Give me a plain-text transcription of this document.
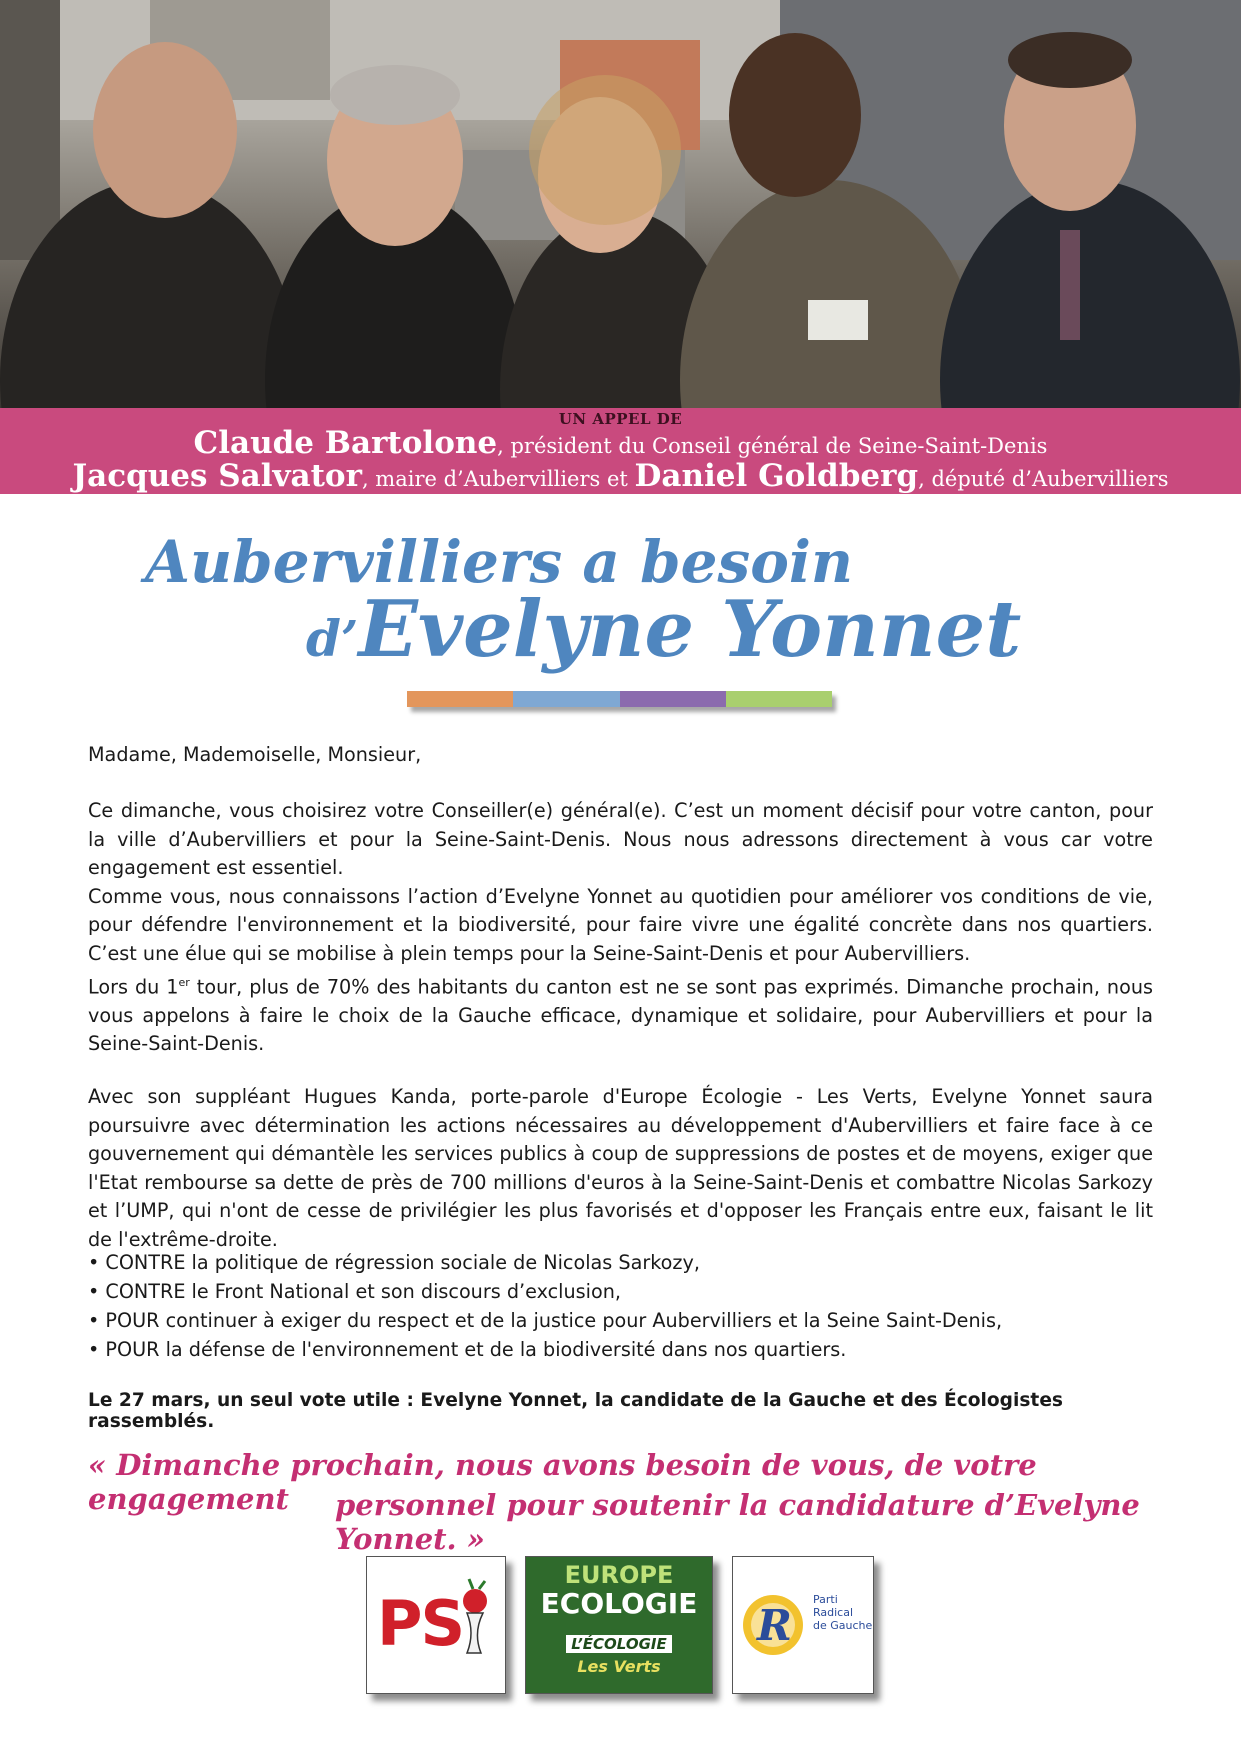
UN APPEL DE
Claude Bartolone, président du Conseil général de Seine-Saint-Denis
Jacques Salvator, maire d’Aubervilliers et Daniel Goldberg, député d’Aubervilliers
Aubervilliers a besoin
d’Evelyne Yonnet
Madame, Mademoiselle, Monsieur,

Ce dimanche, vous choisirez votre Conseiller(e) général(e). C’est un moment décisif pour votre canton, pour la ville d’Aubervilliers et pour la Seine-Saint-Denis. Nous nous adressons directement à vous car votre engagement est essentiel.

Comme vous, nous connaissons l’action d’Evelyne Yonnet au quotidien pour améliorer vos conditions de vie, pour défendre l'environnement et la biodiversité, pour faire vivre une égalité concrète dans nos quartiers. C’est une élue qui se mobilise à plein temps pour la Seine-Saint-Denis et pour Aubervilliers.

Lors du 1er tour, plus de 70% des habitants du canton est ne se sont pas exprimés. Dimanche prochain, nous vous appelons à faire le choix de la Gauche efficace, dynamique et solidaire, pour Aubervilliers et pour la Seine-Saint-Denis.

Avec son suppléant Hugues Kanda, porte-parole d'Europe Écologie - Les Verts, Evelyne Yonnet saura poursuivre avec détermination les actions nécessaires au développement d'Aubervilliers et faire face à ce gouvernement qui démantèle les services publics à coup de suppressions de postes et de moyens, exiger que l'Etat rembourse sa dette de près de 700 millions d'euros à la Seine-Saint-Denis et combattre Nicolas Sarkozy et l’UMP, qui n'ont de cesse de privilégier les plus favorisés et d'opposer les Français entre eux, faisant le lit de l'extrême-droite.
• CONTRE la politique de régression sociale de Nicolas Sarkozy,
• CONTRE le Front National et son discours d’exclusion,
• POUR continuer à exiger du respect et de la justice pour Aubervilliers et la Seine Saint-Denis,
• POUR la défense de l'environnement et de la biodiversité dans nos quartiers.
Le 27 mars, un seul vote utile : Evelyne Yonnet, la candidate de la Gauche et des Écologistes rassemblés.
« Dimanche prochain, nous avons besoin de vous, de votre engagement	personnel pour soutenir la candidature d’Evelyne Yonnet. »
PS
EUROPE
ECOLOGIE
L’ÉCOLOGIE
Les Verts
R
Parti
Radical
de Gauche
